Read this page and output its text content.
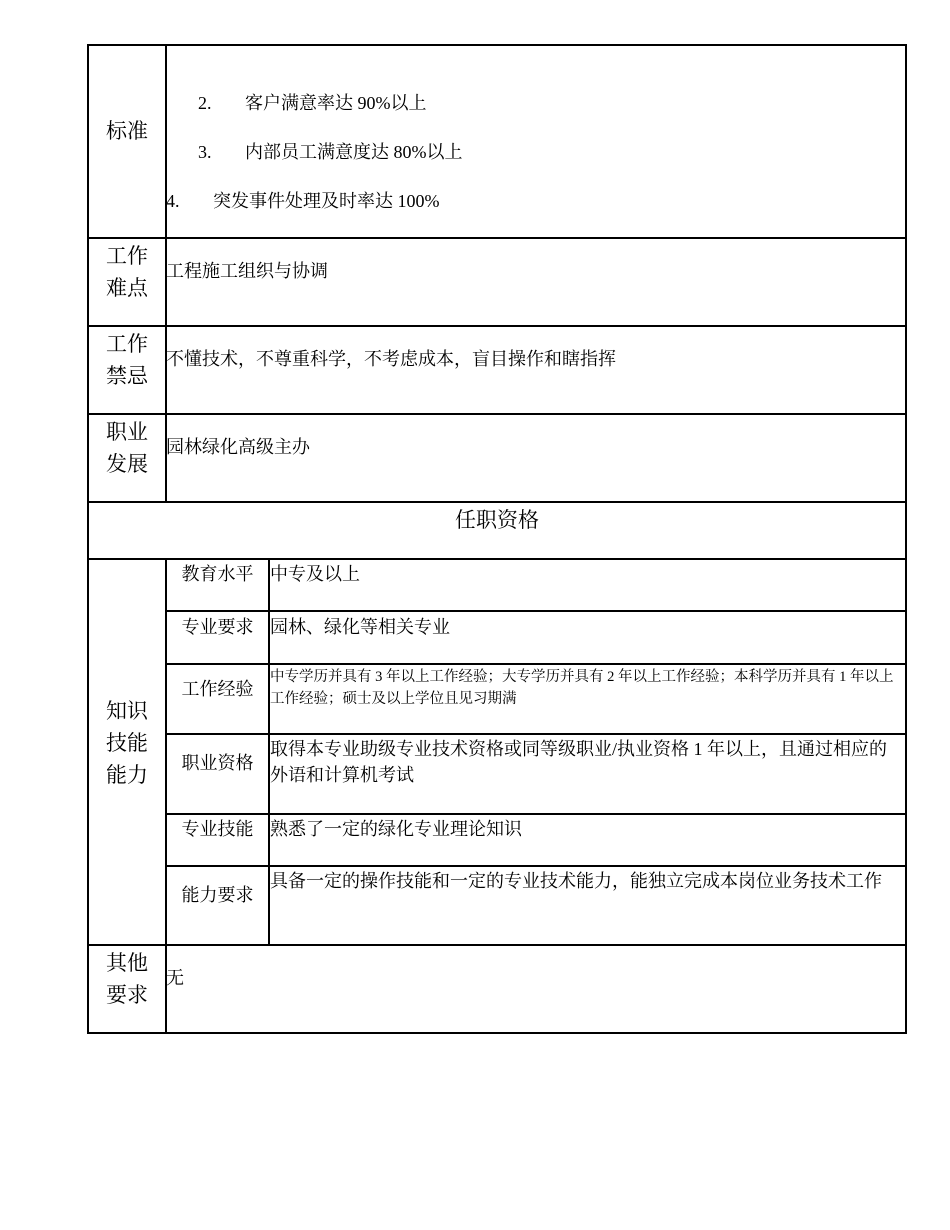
标准
2. 客户满意率达 90%以上
3. 内部员工满意度达 80%以上
4. 突发事件处理及时率达 100%
工作
难点
工程施工组织与协调
工作
禁忌
不懂技术，不尊重科学，不考虑成本，盲目操作和瞎指挥
职业
发展
园林绿化高级主办
任职资格
知识
技能
能力
教育水平 中专及以上
专业要求 园林、绿化等相关专业
工作经验
中专学历并具有 3 年以上工作经验；大专学历并具有 2 年以上工作经验；本科学历并具有 1 年以上工作经验；硕士及以上学位且见习期满
职业资格
取得本专业助级专业技术资格或同等级职业/执业资格 1 年以上，且通过相应的外语和计算机考试
专业技能 熟悉了一定的绿化专业理论知识
能力要求
具备一定的操作技能和一定的专业技术能力，能独立完成本岗位业务技术工作
其他
要求
无
